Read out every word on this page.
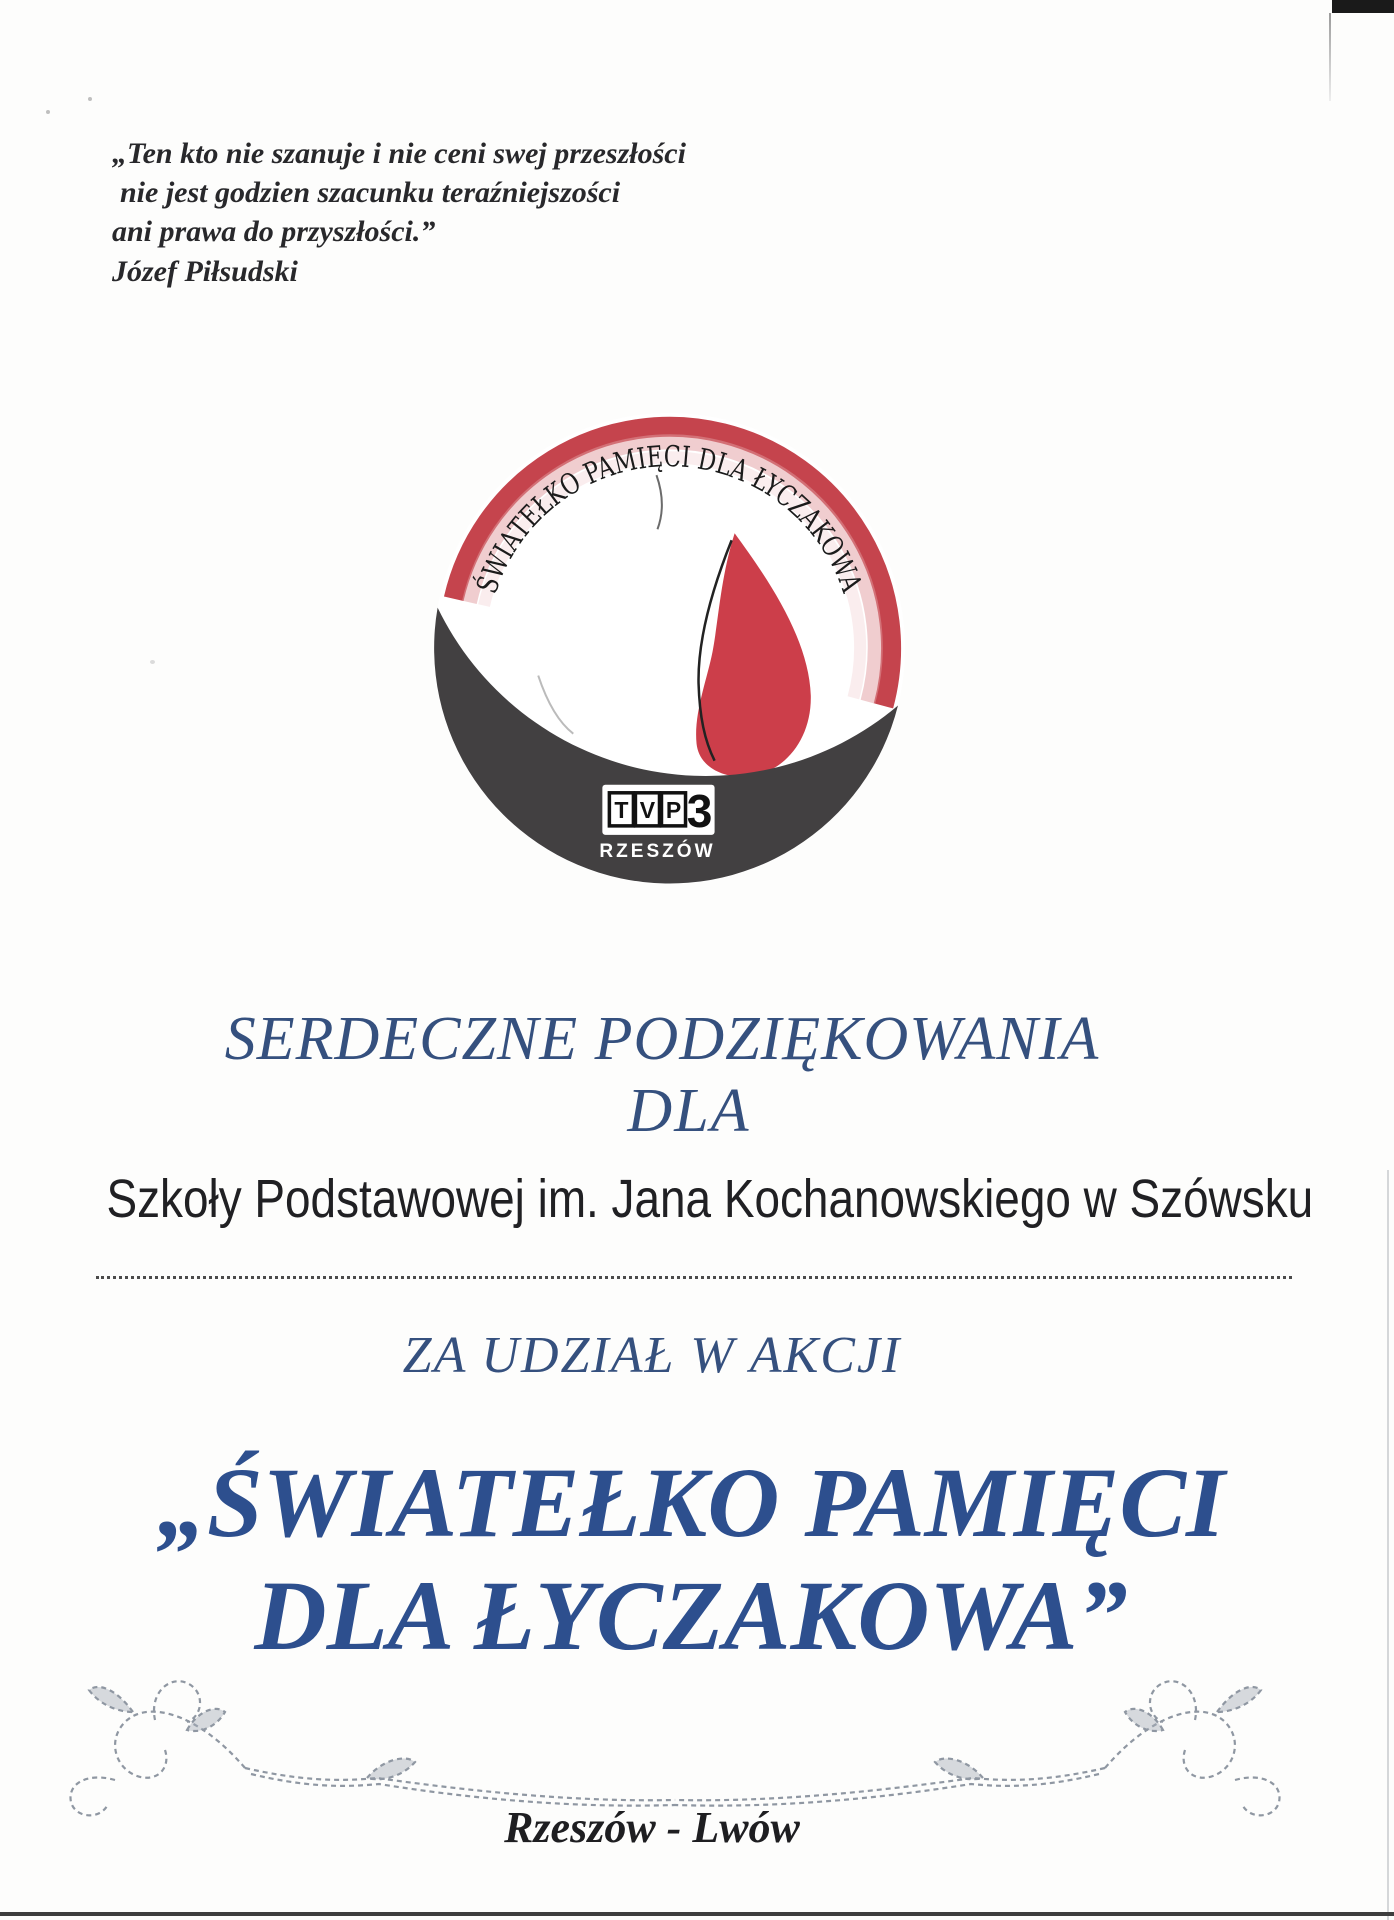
„Ten kto nie szanuje i nie ceni swej przeszłości
nie jest godzien szacunku teraźniejszości
ani prawa do przyszłości.”
Józef Piłsudski
T V P 3
RZESZÓW
ŚWIATEŁKO PAMIĘCI DLA ŁYCZAKOWA
SERDECZNE PODZIĘKOWANIA
DLA
Szkoły Podstawowej im. Jana Kochanowskiego w Szówsku
ZA UDZIAŁ W AKCJI
„ŚWIATEŁKO PAMIĘCI
DLA ŁYCZAKOWA”
Rzeszów - Lwów
